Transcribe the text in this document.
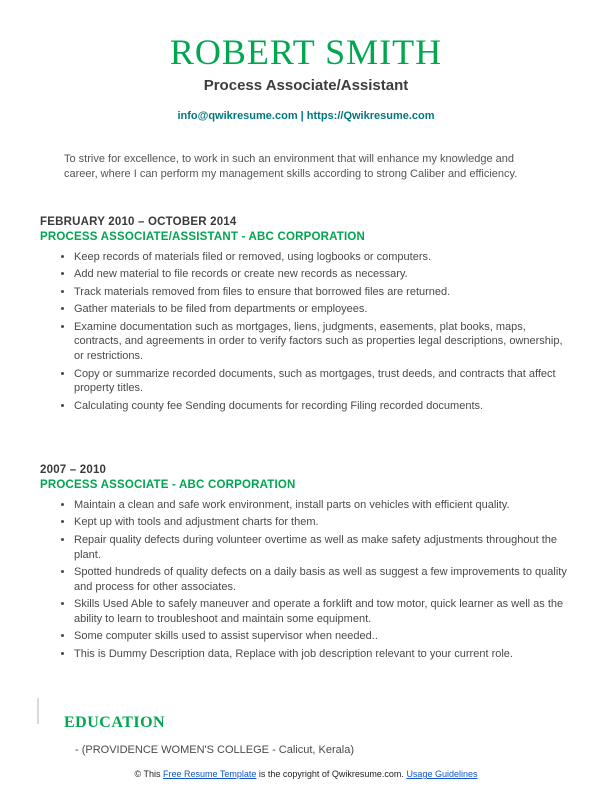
ROBERT SMITH
Process Associate/Assistant
info@qwikresume.com | https://Qwikresume.com
To strive for excellence, to work in such an environment that will enhance my knowledge and career, where I can perform my management skills according to strong Caliber and efficiency.
FEBRUARY 2010 – OCTOBER 2014
PROCESS ASSOCIATE/ASSISTANT - ABC CORPORATION
• Keep records of materials filed or removed, using logbooks or computers.
• Add new material to file records or create new records as necessary.
• Track materials removed from files to ensure that borrowed files are returned.
• Gather materials to be filed from departments or employees.
• Examine documentation such as mortgages, liens, judgments, easements, plat books, maps, contracts, and agreements in order to verify factors such as properties legal descriptions, ownership, or restrictions.
• Copy or summarize recorded documents, such as mortgages, trust deeds, and contracts that affect property titles.
• Calculating county fee Sending documents for recording Filing recorded documents.
2007 – 2010
PROCESS ASSOCIATE - ABC CORPORATION
• Maintain a clean and safe work environment, install parts on vehicles with efficient quality.
• Kept up with tools and adjustment charts for them.
• Repair quality defects during volunteer overtime as well as make safety adjustments throughout the plant.
• Spotted hundreds of quality defects on a daily basis as well as suggest a few improvements to quality and process for other associates.
• Skills Used Able to safely maneuver and operate a forklift and tow motor, quick learner as well as the ability to learn to troubleshoot and maintain some equipment.
• Some computer skills used to assist supervisor when needed..
• This is Dummy Description data, Replace with job description relevant to your current role.
EDUCATION
- (PROVIDENCE WOMEN'S COLLEGE - Calicut, Kerala)
© This Free Resume Template is the copyright of Qwikresume.com. Usage Guidelines
